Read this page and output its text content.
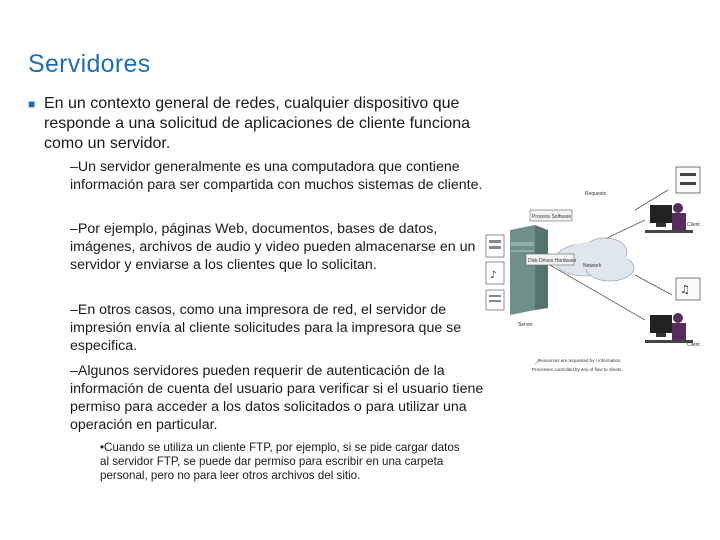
Servidores
■ En un contexto general de redes, cualquier dispositivo que responde a una solicitud de aplicaciones de cliente funciona como un servidor.
–Un servidor generalmente es una computadora que contiene información para ser compartida con muchos sistemas de cliente.
–Por ejemplo, páginas Web, documentos, bases de datos, imágenes, archivos de audio y video pueden almacenarse en un servidor y enviarse a los clientes que lo solicitan.
–En otros casos, como una impresora de red, el servidor de impresión envía al cliente solicitudes para la impresora que se especifica.
–Algunos servidores pueden requerir de autenticación de la información de cuenta del usuario para verificar si el usuario tiene permiso para acceder a los datos solicitados o para utilizar una operación en particular.
•Cuando se utiliza un cliente FTP, por ejemplo, si se pide cargar datos al servidor FTP, se puede dar permiso para escribir en una carpeta personal, pero no para leer otros archivos del sitio.
Network
Process Software
Disk Drives Hardware
Server
♪
Requests
Client
♫
Client
Resources are requested by / information
Processes controlled by any of flow to clients.
